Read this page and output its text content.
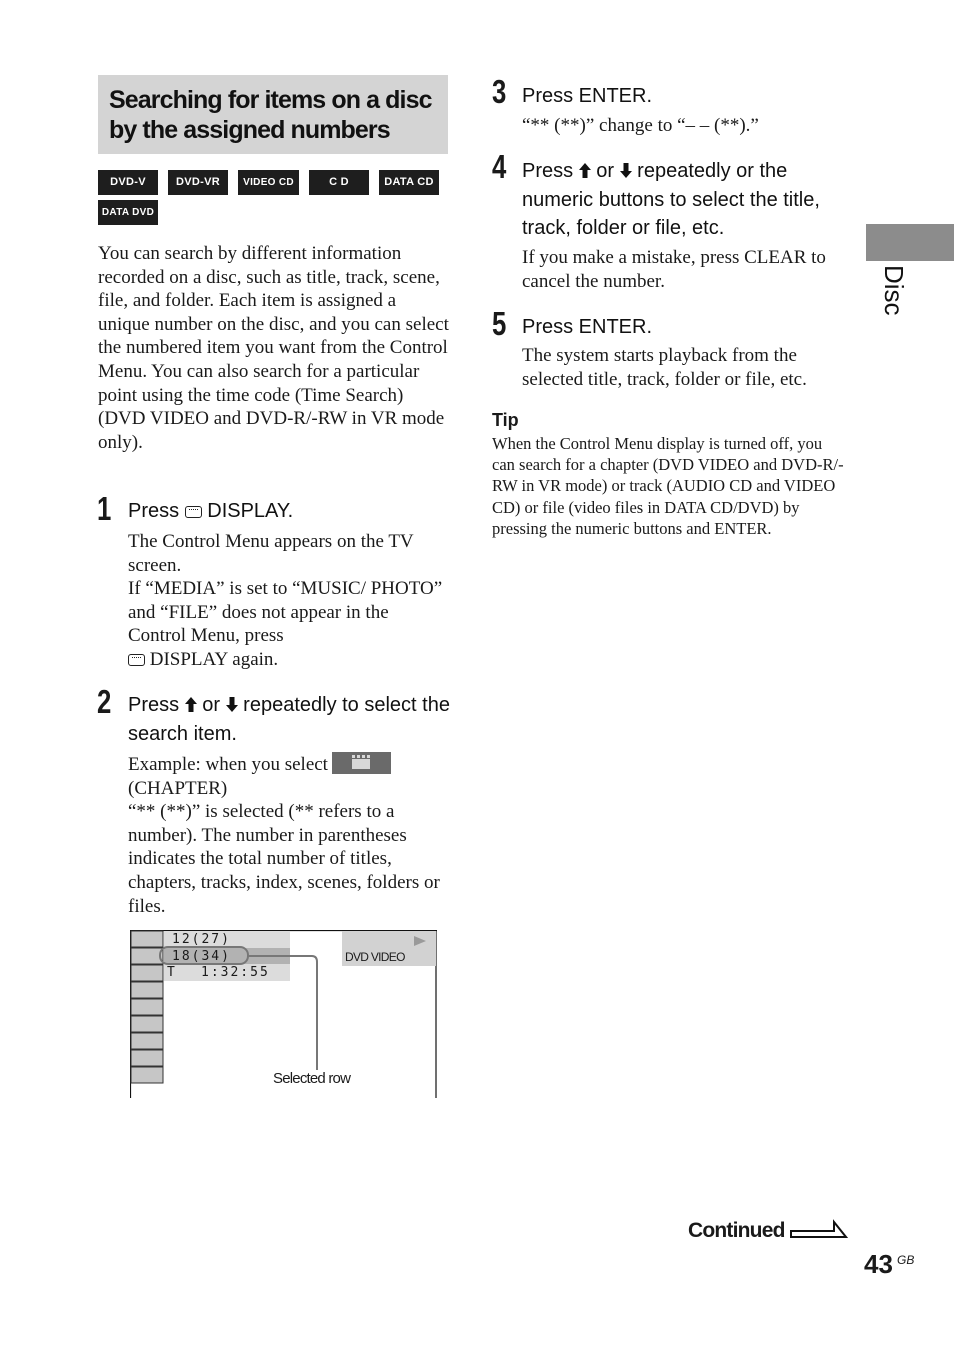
Searching for items on a disc by the assigned numbers
DVD-V	DVD-VR	VIDEO CD	C D	DATA CD
DATA DVD
You can search by different information recorded on a disc, such as title, track, scene, file, and folder. Each item is assigned a unique number on the disc, and you can select the numbered item you want from the Control Menu. You can also search for a particular point using the time code (Time Search) (DVD VIDEO and DVD-R/-RW in VR mode only).
1 Press DISPLAY.
The Control Menu appears on the TV screen.
If “MEDIA” is set to “MUSIC/ PHOTO” and “FILE” does not appear in the Control Menu, press
DISPLAY again.
2 Press or repeatedly to select the search item.
Example: when you select
(CHAPTER)
“** (**)” is selected (** refers to a number). The number in parentheses indicates the total number of titles, chapters, tracks, index, scenes, folders or files.
12(27)
18(34)
T 1:32:55
DVD VIDEO
Selected row
3 Press ENTER.
“** (**)” change to “– – (**).”
4 Press or repeatedly or the numeric buttons to select the title, track, folder or file, etc.
If you make a mistake, press CLEAR to cancel the number.
5 Press ENTER.
The system starts playback from the selected title, track, folder or file, etc.
Tip
When the Control Menu display is turned off, you can search for a chapter (DVD VIDEO and DVD-R/-RW in VR mode) or track (AUDIO CD and VIDEO CD) or file (video files in DATA CD/DVD) by pressing the numeric buttons and ENTER.
Disc
Continued
43 GB
